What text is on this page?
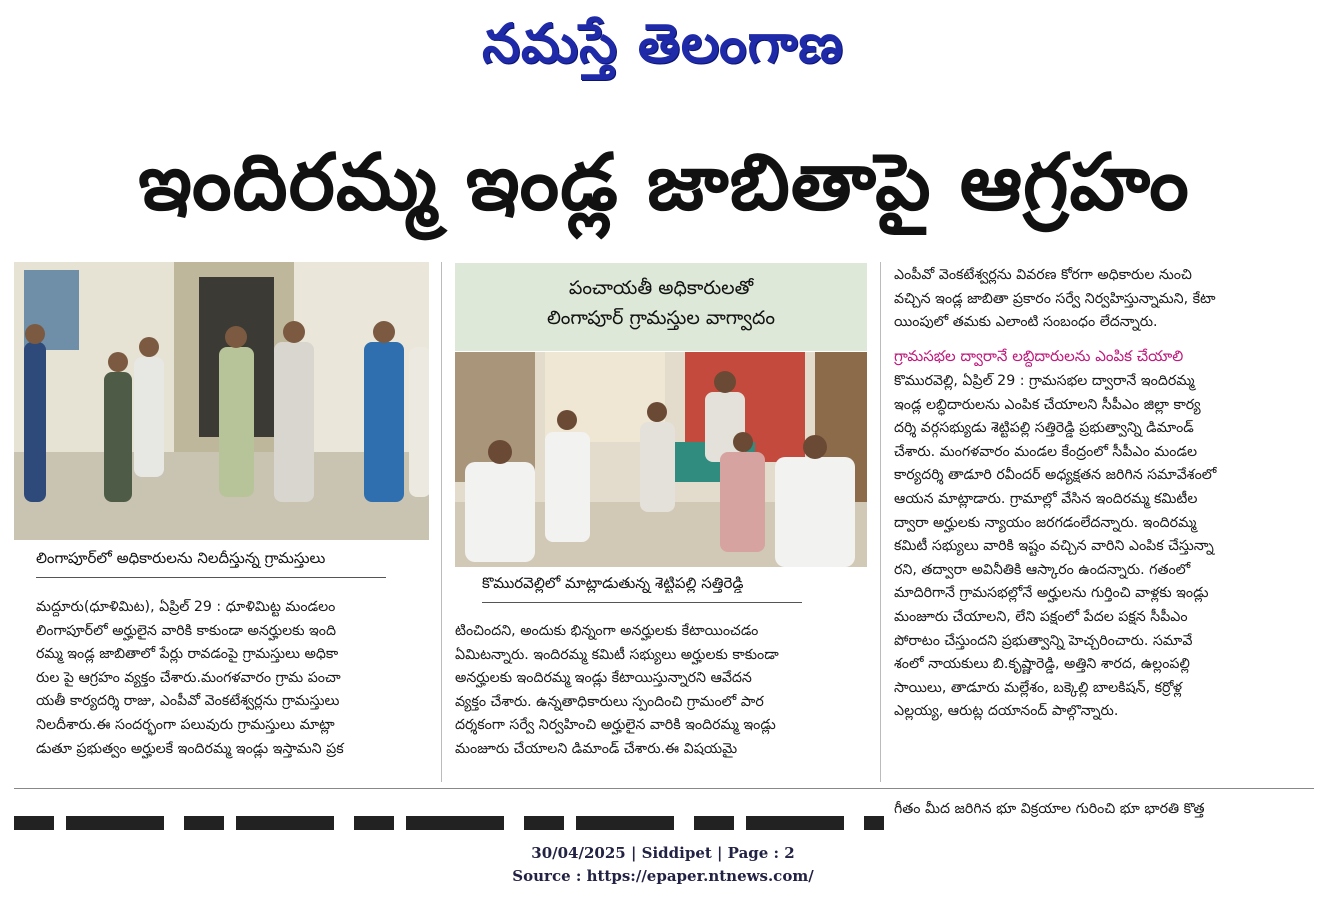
నమస్తే తెలంగాణ
ఇందిరమ్మ ఇండ్ల జాబితాపై ఆగ్రహం
లింగాపూర్‌లో అధికారులను నిలదీస్తున్న గ్రామస్తులు
పంచాయతీ అధికారులతో
లింగాపూర్ గ్రామస్తుల వాగ్వాదం
కొమురవెల్లిలో మాట్లాడుతున్న శెట్టిపల్లి సత్తిరెడ్డి
మద్దూరు(ధూళిమిట), ఏప్రిల్ 29 : ధూళిమిట్ట మండలం
లింగాపూర్‌లో అర్హులైన వారికి కాకుండా అనర్హులకు ఇంది
రమ్మ ఇండ్ల జాబితాలో పేర్లు రావడంపై గ్రామస్తులు అధికా
రుల పై ఆగ్రహం వ్యక్తం చేశారు.మంగళవారం గ్రామ పంచా
యతీ కార్యదర్శి రాజు, ఎంపీవో వెంకటేశ్వర్లను గ్రామస్తులు
నిలదీశారు.ఈ సందర్భంగా పలువురు గ్రామస్తులు మాట్లా
డుతూ ప్రభుత్వం అర్హులకే ఇందిరమ్మ ఇండ్లు ఇస్తామని ప్రక
టించిందని, అందుకు భిన్నంగా అనర్హులకు కేటాయించడం
ఏమిటన్నారు. ఇందిరమ్మ కమిటీ సభ్యులు అర్హులకు కాకుండా
అనర్హులకు ఇందిరమ్మ ఇండ్లు కేటాయిస్తున్నారని ఆవేదన
వ్యక్తం చేశారు. ఉన్నతాధికారులు స్పందించి గ్రామంలో పార
దర్శకంగా సర్వే నిర్వహించి అర్హులైన వారికి ఇందిరమ్మ ఇండ్లు
మంజూరు చేయాలని డిమాండ్ చేశారు.ఈ విషయమై
ఎంపీవో వెంకటేశ్వర్లను వివరణ కోరగా అధికారుల నుంచి
వచ్చిన ఇండ్ల జాబితా ప్రకారం సర్వే నిర్వహిస్తున్నామని, కేటా
యింపులో తమకు ఎలాంటి సంబంధం లేదన్నారు.
గ్రామసభల ద్వారానే లబ్ధిదారులను ఎంపిక చేయాలి
కొమురవెల్లి, ఏప్రిల్ 29 : గ్రామసభల ద్వారానే ఇందిరమ్మ
ఇండ్ల లబ్ధిదారులను ఎంపిక చేయాలని సీపీఎం జిల్లా కార్య
దర్శి వర్గసభ్యుడు శెట్టిపల్లి సత్తిరెడ్డి ప్రభుత్వాన్ని డిమాండ్
చేశారు. మంగళవారం మండల కేంద్రంలో సీపీఎం మండల
కార్యదర్శి తాడూరి రవీందర్ అధ్యక్షతన జరిగిన సమావేశంలో
ఆయన మాట్లాడారు. గ్రామాల్లో వేసిన ఇందిరమ్మ కమిటీల
ద్వారా అర్హులకు న్యాయం జరగడంలేదన్నారు. ఇందిరమ్మ
కమిటీ సభ్యులు వారికి ఇష్టం వచ్చిన వారిని ఎంపిక చేస్తున్నా
రని, తద్వారా అవినీతికి ఆస్కారం ఉందన్నారు. గతంలో
మాదిరిగానే గ్రామసభల్లోనే అర్హులను గుర్తించి వాళ్లకు ఇండ్లు
మంజూరు చేయాలని, లేని పక్షంలో పేదల పక్షన సీపీఎం
పోరాటం చేస్తుందని ప్రభుత్వాన్ని హెచ్చరించారు. సమావే
శంలో నాయకులు బి.కృష్ణారెడ్డి, అత్తిని శారద, ఉల్లంపల్లి
సాయిలు, తాడూరు మల్లేశం, బక్కెల్లి బాలకిషన్, కర్రోళ్ల
ఎల్లయ్య, ఆరుట్ల దయానంద్ పాల్గొన్నారు.
గీతం మీద జరిగిన భూ విక్రయాల గురించి భూ భారతి కొత్త
30/04/2025 | Siddipet | Page : 2
Source : https://epaper.ntnews.com/
